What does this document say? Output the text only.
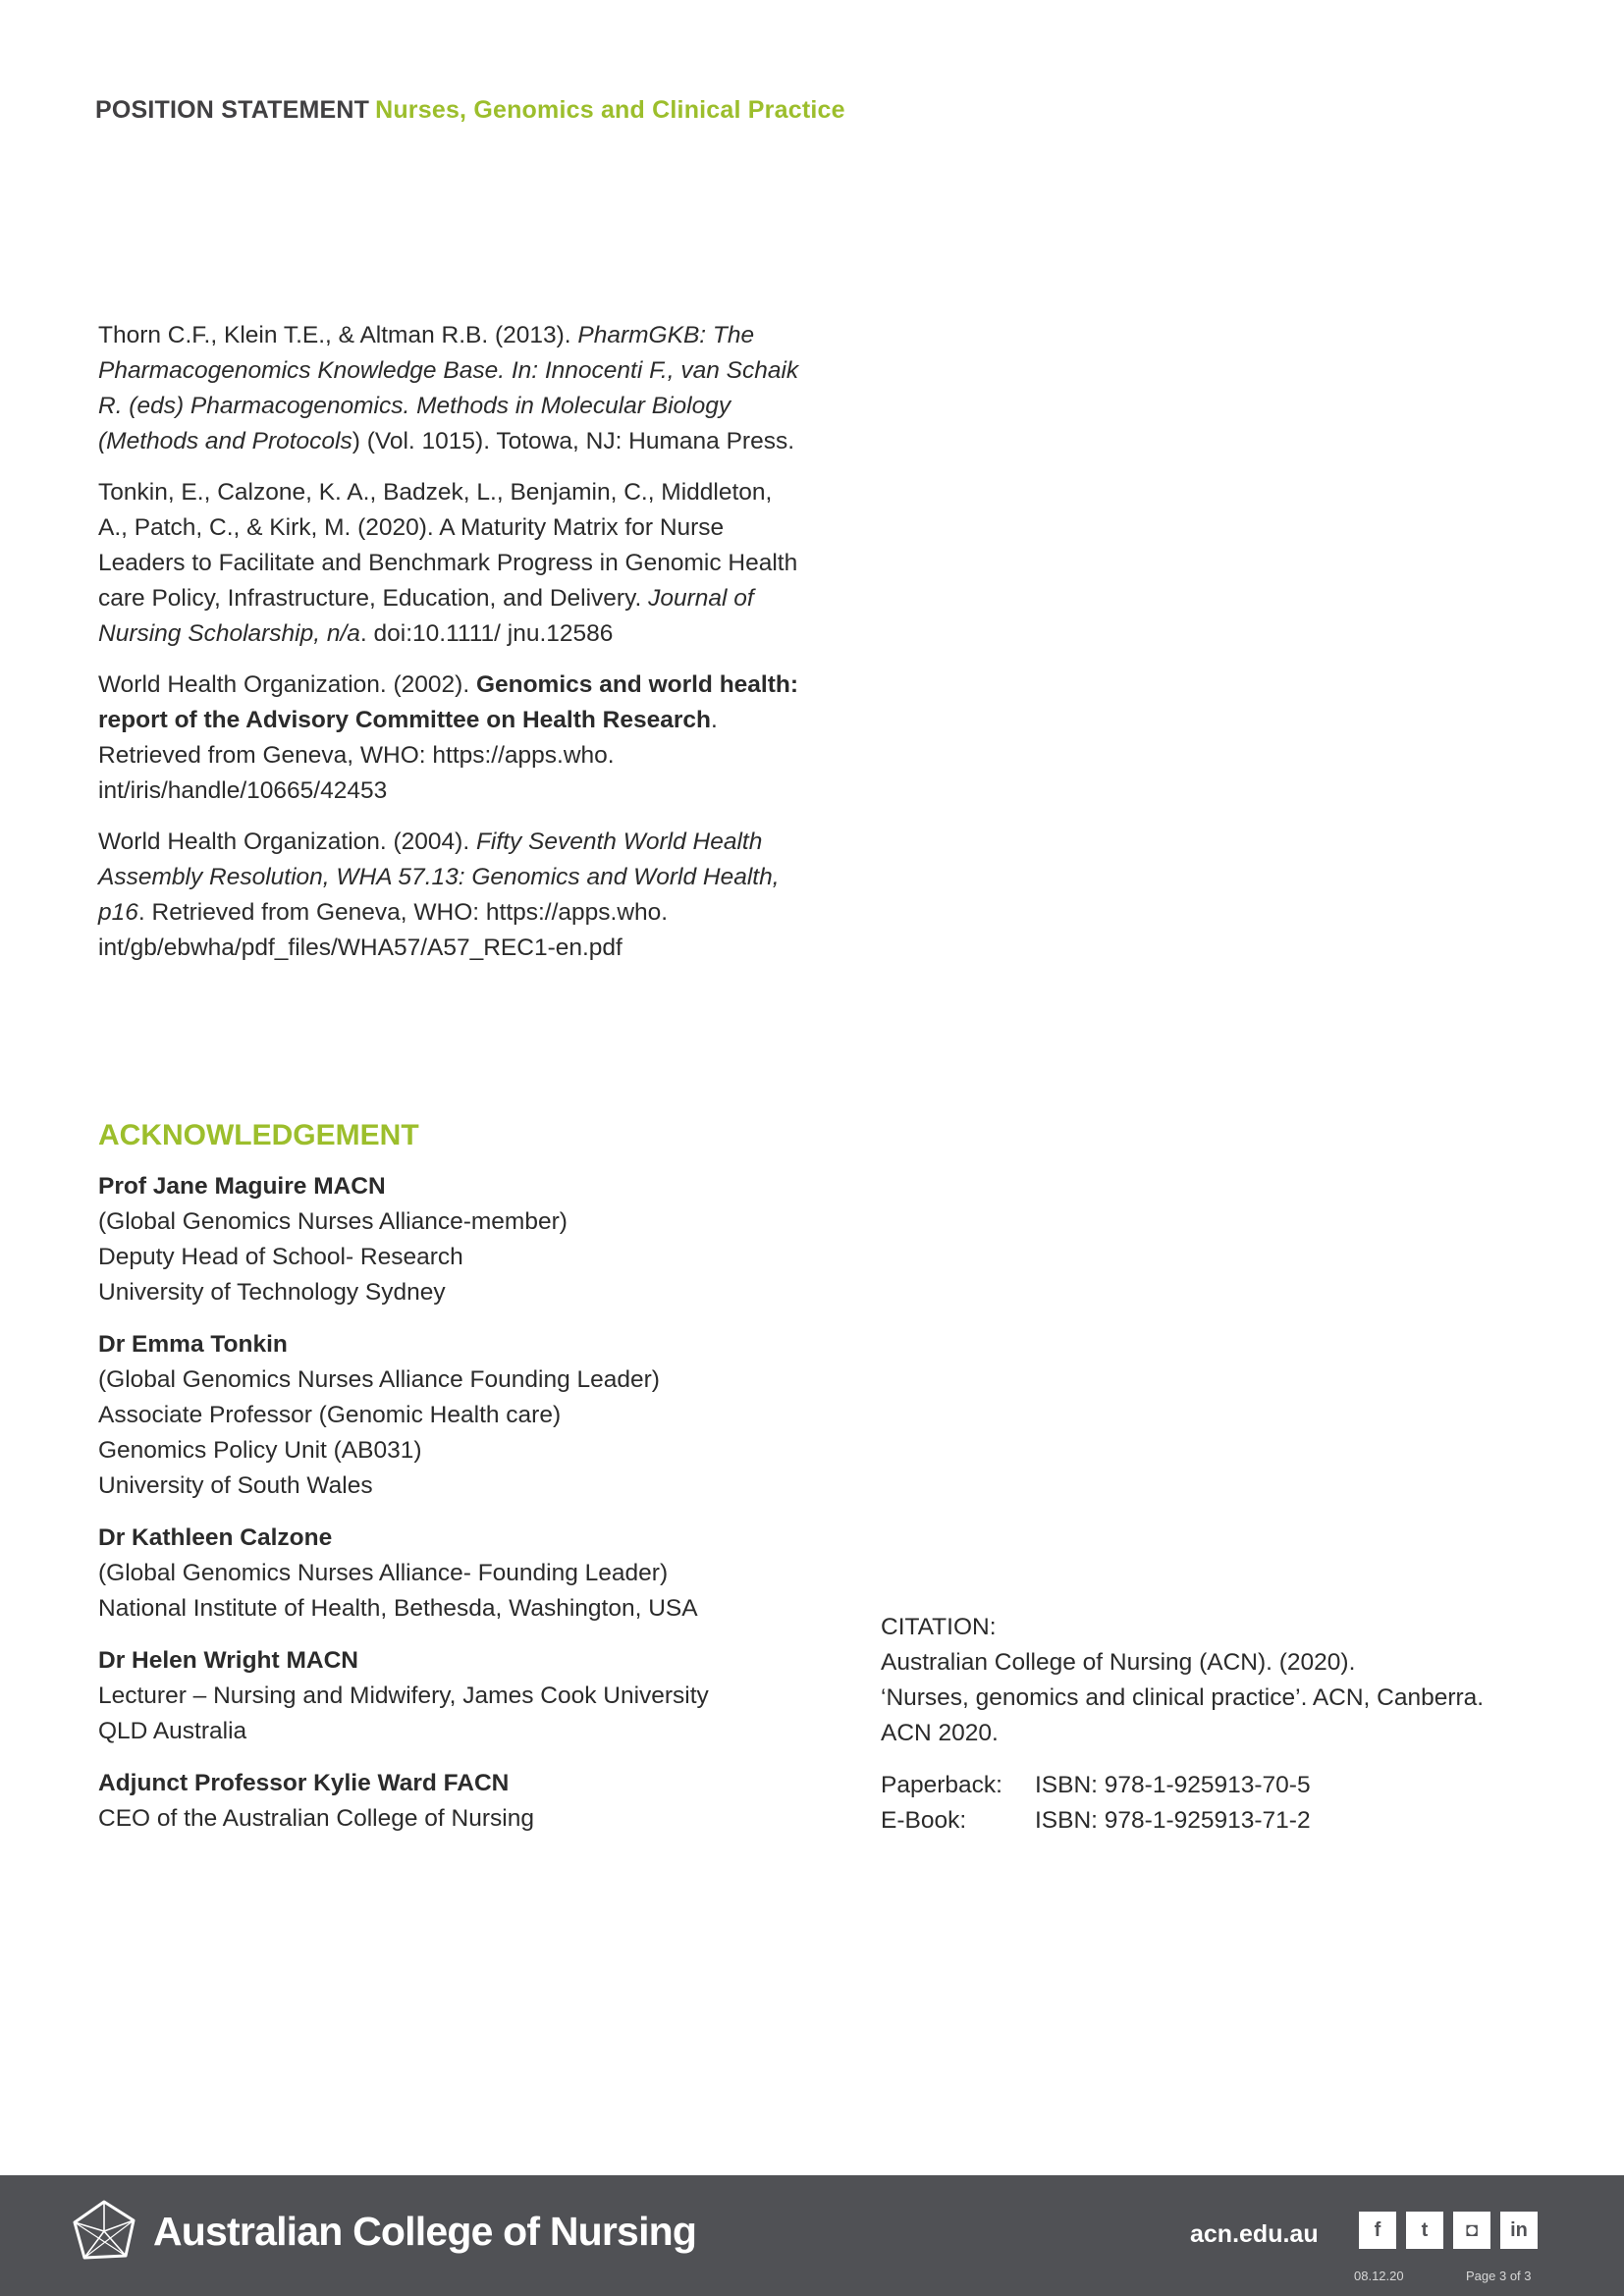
POSITION STATEMENT Nurses, Genomics and Clinical Practice

Thorn C.F., Klein T.E., & Altman R.B. (2013). PharmGKB: The Pharmacogenomics Knowledge Base. In: Innocenti F., van Schaik R. (eds) Pharmacogenomics. Methods in Molecular Biology (Methods and Protocols) (Vol. 1015). Totowa, NJ: Humana Press.

Tonkin, E., Calzone, K. A., Badzek, L., Benjamin, C., Middleton, A., Patch, C., & Kirk, M. (2020). A Maturity Matrix for Nurse Leaders to Facilitate and Benchmark Progress in Genomic Health care Policy, Infrastructure, Education, and Delivery. Journal of Nursing Scholarship, n/a. doi:10.1111/ jnu.12586

World Health Organization. (2002). Genomics and world health: report of the Advisory Committee on Health Research. Retrieved from Geneva, WHO: https://apps.who. int/iris/handle/10665/42453

World Health Organization. (2004). Fifty Seventh World Health Assembly Resolution, WHA 57.13: Genomics and World Health, p16. Retrieved from Geneva, WHO: https://apps.who. int/gb/ebwha/pdf_files/WHA57/A57_REC1-en.pdf

ACKNOWLEDGEMENT
Prof Jane Maguire MACN
(Global Genomics Nurses Alliance-member)
Deputy Head of School- Research
University of Technology Sydney
Dr Emma Tonkin
(Global Genomics Nurses Alliance Founding Leader)
Associate Professor (Genomic Health care)
Genomics Policy Unit (AB031)
University of South Wales
Dr Kathleen Calzone
(Global Genomics Nurses Alliance- Founding Leader)
National Institute of Health, Bethesda, Washington, USA
Dr Helen Wright MACN
Lecturer – Nursing and Midwifery, James Cook University
QLD Australia
Adjunct Professor Kylie Ward FACN
CEO of the Australian College of Nursing
CITATION:
Australian College of Nursing (ACN). (2020).
‘Nurses, genomics and clinical practice’. ACN, Canberra.
ACN 2020.
Paperback:	ISBN: 978-1-925913-70-5
E-Book:	ISBN: 978-1-925913-71-2
Australian College of Nursing	acn.edu.au	f	t	◘	in
08.12.20	Page 3 of 3
